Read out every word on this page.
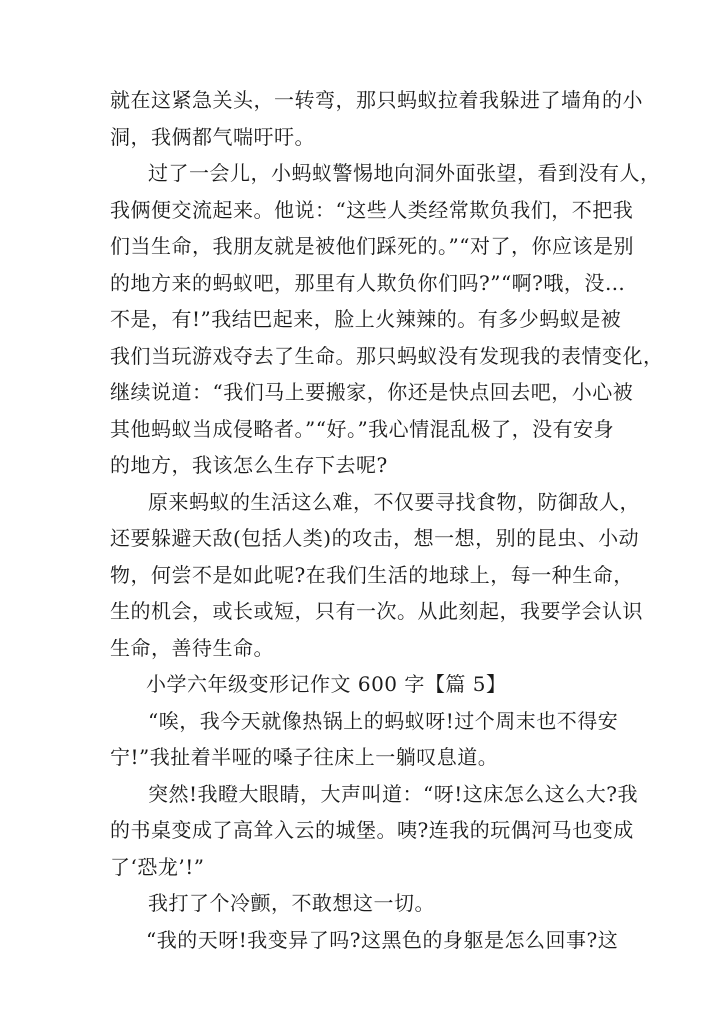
就在这紧急关头，一转弯，那只蚂蚁拉着我躲进了墙角的小
洞，我俩都气喘吁吁。
过了一会儿，小蚂蚁警惕地向洞外面张望，看到没有人，
我俩便交流起来。他说：“这些人类经常欺负我们，不把我
们当生命，我朋友就是被他们踩死的。”“对了，你应该是别
的地方来的蚂蚁吧，那里有人欺负你们吗?”“啊?哦，没…
不是，有!”我结巴起来，脸上火辣辣的。有多少蚂蚁是被
我们当玩游戏夺去了生命。那只蚂蚁没有发现我的表情变化，
继续说道：“我们马上要搬家，你还是快点回去吧，小心被
其他蚂蚁当成侵略者。”“好。”我心情混乱极了，没有安身
的地方，我该怎么生存下去呢?
原来蚂蚁的生活这么难，不仅要寻找食物，防御敌人，
还要躲避天敌(包括人类)的攻击，想一想，别的昆虫、小动
物，何尝不是如此呢?在我们生活的地球上，每一种生命，
生的机会，或长或短，只有一次。从此刻起，我要学会认识
生命，善待生命。
小学六年级变形记作文 600 字【篇 5】
“唉，我今天就像热锅上的蚂蚁呀!过个周末也不得安
宁!”我扯着半哑的嗓子往床上一躺叹息道。
突然!我瞪大眼睛，大声叫道：“呀!这床怎么这么大?我
的书桌变成了高耸入云的城堡。咦?连我的玩偶河马也变成
了‘恐龙’!”
我打了个冷颤，不敢想这一切。
“我的天呀!我变异了吗?这黑色的身躯是怎么回事?这
